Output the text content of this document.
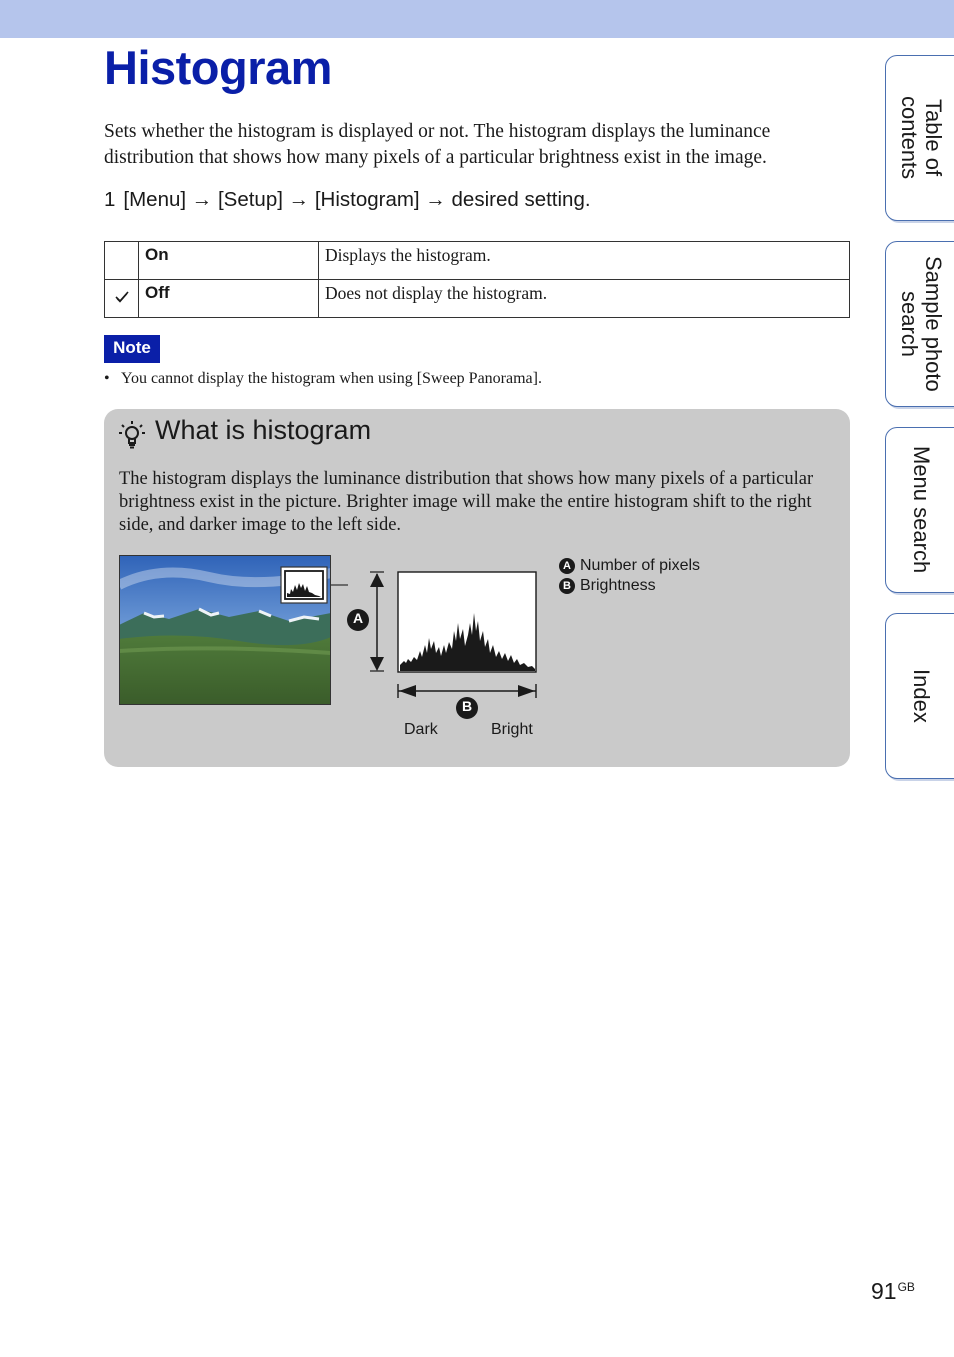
Histogram

Sets whether the histogram is displayed or not. The histogram displays the luminance distribution that shows how many pixels of a particular brightness exist in the image.

1 [Menu] → [Setup] → [Histogram] → desired setting.

	On	Displays the histogram.
	Off	Does not display the histogram.
Note

• You cannot display the histogram when using [Sweep Panorama].

What is histogram

The histogram displays the luminance distribution that shows how many pixels of a particular brightness exist in the picture. Brighter image will make the entire histogram shift to the right side, and darker image to the left side.

A
B
Dark	Bright
A Number of pixels
B Brightness
Table of contents
Sample photo search
Menu search
Index
$91^{GB}$
